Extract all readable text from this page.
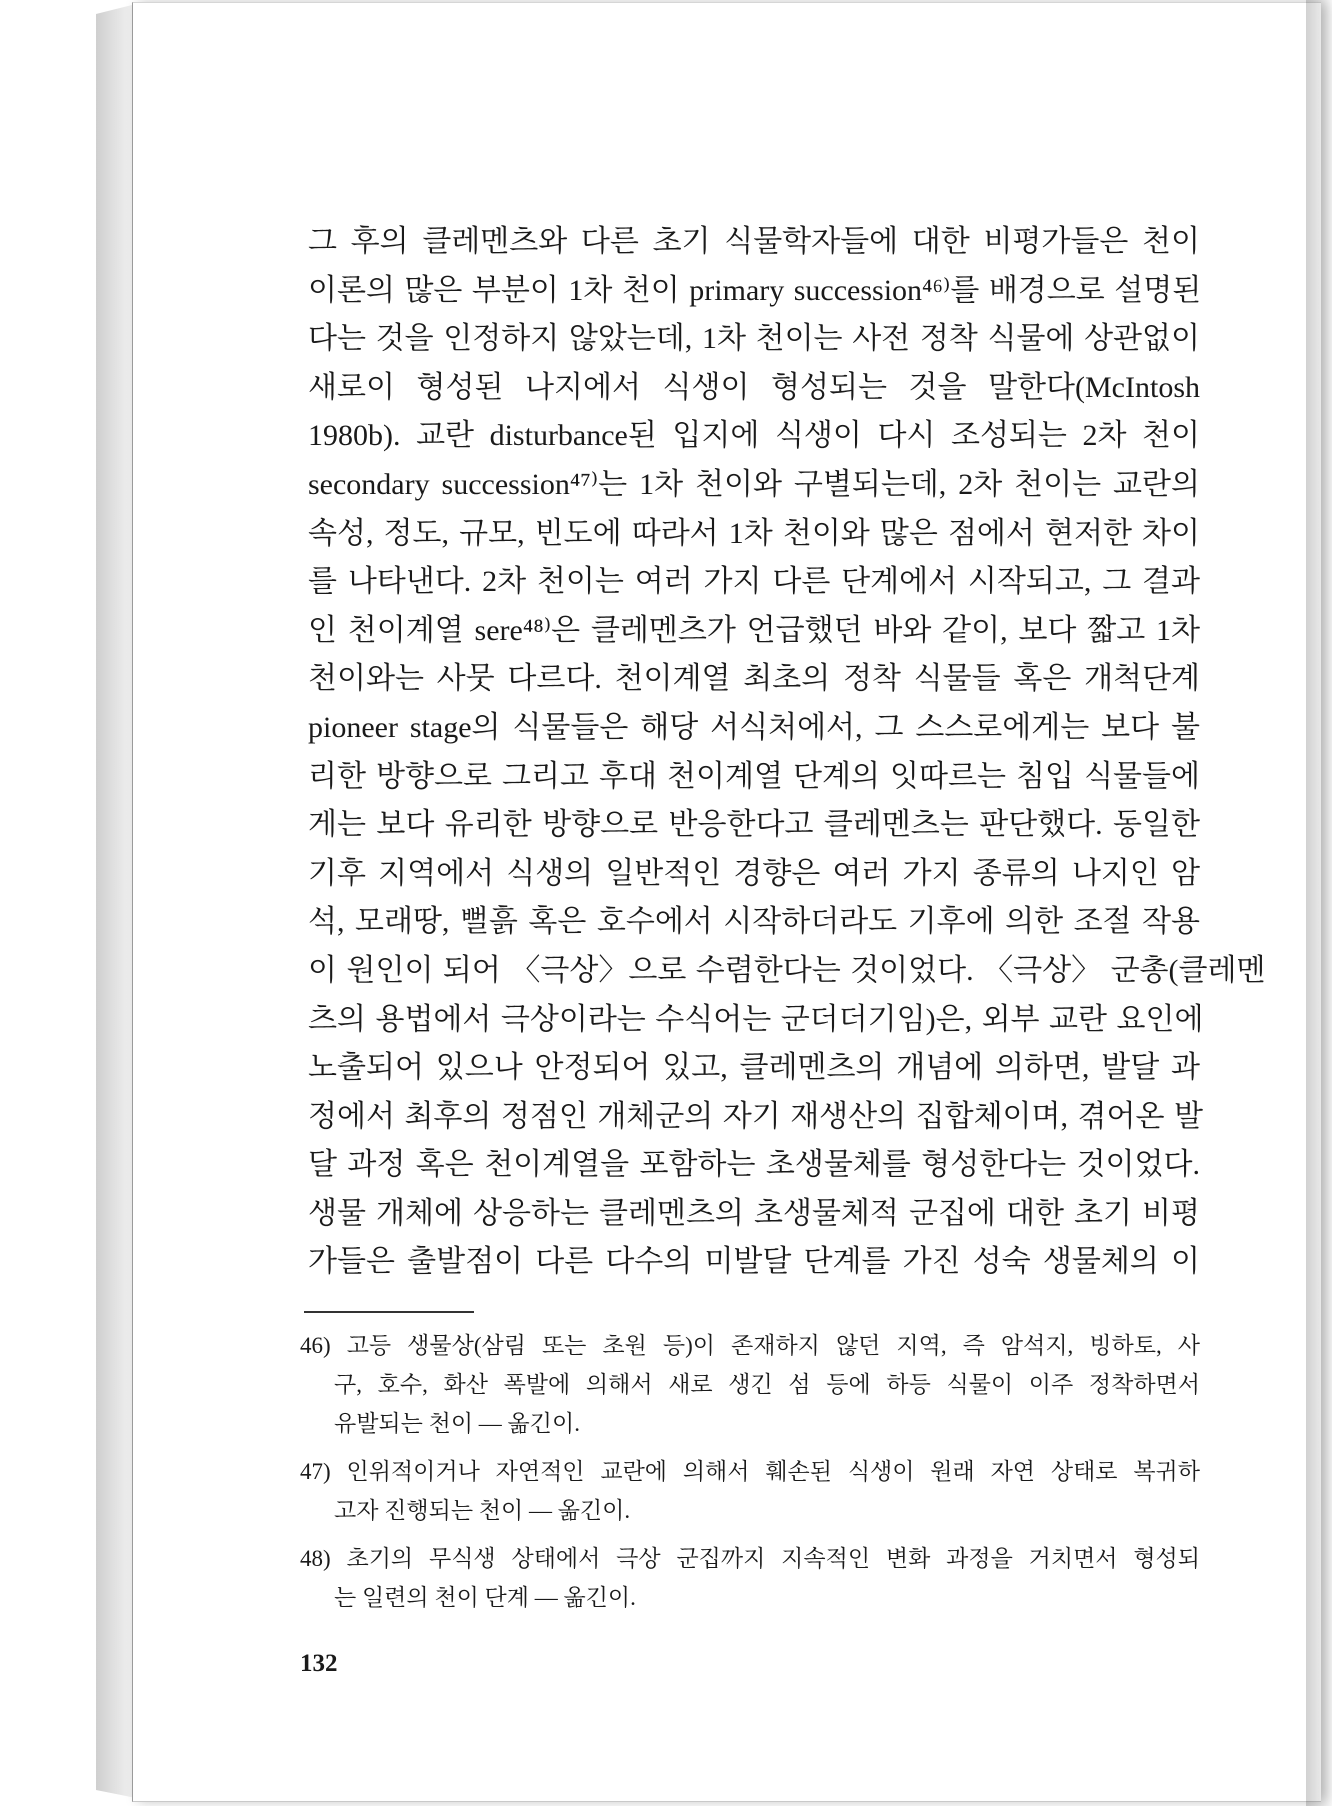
그 후의 클레멘츠와 다른 초기 식물학자들에 대한 비평가들은 천이
이론의 많은 부분이 1차 천이 primary succession⁴⁶⁾를 배경으로 설명된
다는 것을 인정하지 않았는데, 1차 천이는 사전 정착 식물에 상관없이
새로이 형성된 나지에서 식생이 형성되는 것을 말한다(McIntosh
1980b). 교란 disturbance된 입지에 식생이 다시 조성되는 2차 천이
secondary succession⁴⁷⁾는 1차 천이와 구별되는데, 2차 천이는 교란의
속성, 정도, 규모, 빈도에 따라서 1차 천이와 많은 점에서 현저한 차이
를 나타낸다. 2차 천이는 여러 가지 다른 단계에서 시작되고, 그 결과
인 천이계열 sere⁴⁸⁾은 클레멘츠가 언급했던 바와 같이, 보다 짧고 1차
천이와는 사뭇 다르다. 천이계열 최초의 정착 식물들 혹은 개척단계
pioneer stage의 식물들은 해당 서식처에서, 그 스스로에게는 보다 불
리한 방향으로 그리고 후대 천이계열 단계의 잇따르는 침입 식물들에
게는 보다 유리한 방향으로 반응한다고 클레멘츠는 판단했다. 동일한
기후 지역에서 식생의 일반적인 경향은 여러 가지 종류의 나지인 암
석, 모래땅, 뻘흙 혹은 호수에서 시작하더라도 기후에 의한 조절 작용
이 원인이 되어 〈극상〉으로 수렴한다는 것이었다. 〈극상〉 군총(클레멘
츠의 용법에서 극상이라는 수식어는 군더더기임)은, 외부 교란 요인에
노출되어 있으나 안정되어 있고, 클레멘츠의 개념에 의하면, 발달 과
정에서 최후의 정점인 개체군의 자기 재생산의 집합체이며, 겪어온 발
달 과정 혹은 천이계열을 포함하는 초생물체를 형성한다는 것이었다.
생물 개체에 상응하는 클레멘츠의 초생물체적 군집에 대한 초기 비평
가들은 출발점이 다른 다수의 미발달 단계를 가진 성숙 생물체의 이
46) 고등 생물상(삼림 또는 초원 등)이 존재하지 않던 지역, 즉 암석지, 빙하토, 사
구, 호수, 화산 폭발에 의해서 새로 생긴 섬 등에 하등 식물이 이주 정착하면서
유발되는 천이 — 옮긴이.
47) 인위적이거나 자연적인 교란에 의해서 훼손된 식생이 원래 자연 상태로 복귀하
고자 진행되는 천이 — 옮긴이.
48) 초기의 무식생 상태에서 극상 군집까지 지속적인 변화 과정을 거치면서 형성되
는 일련의 천이 단계 — 옮긴이.
132
